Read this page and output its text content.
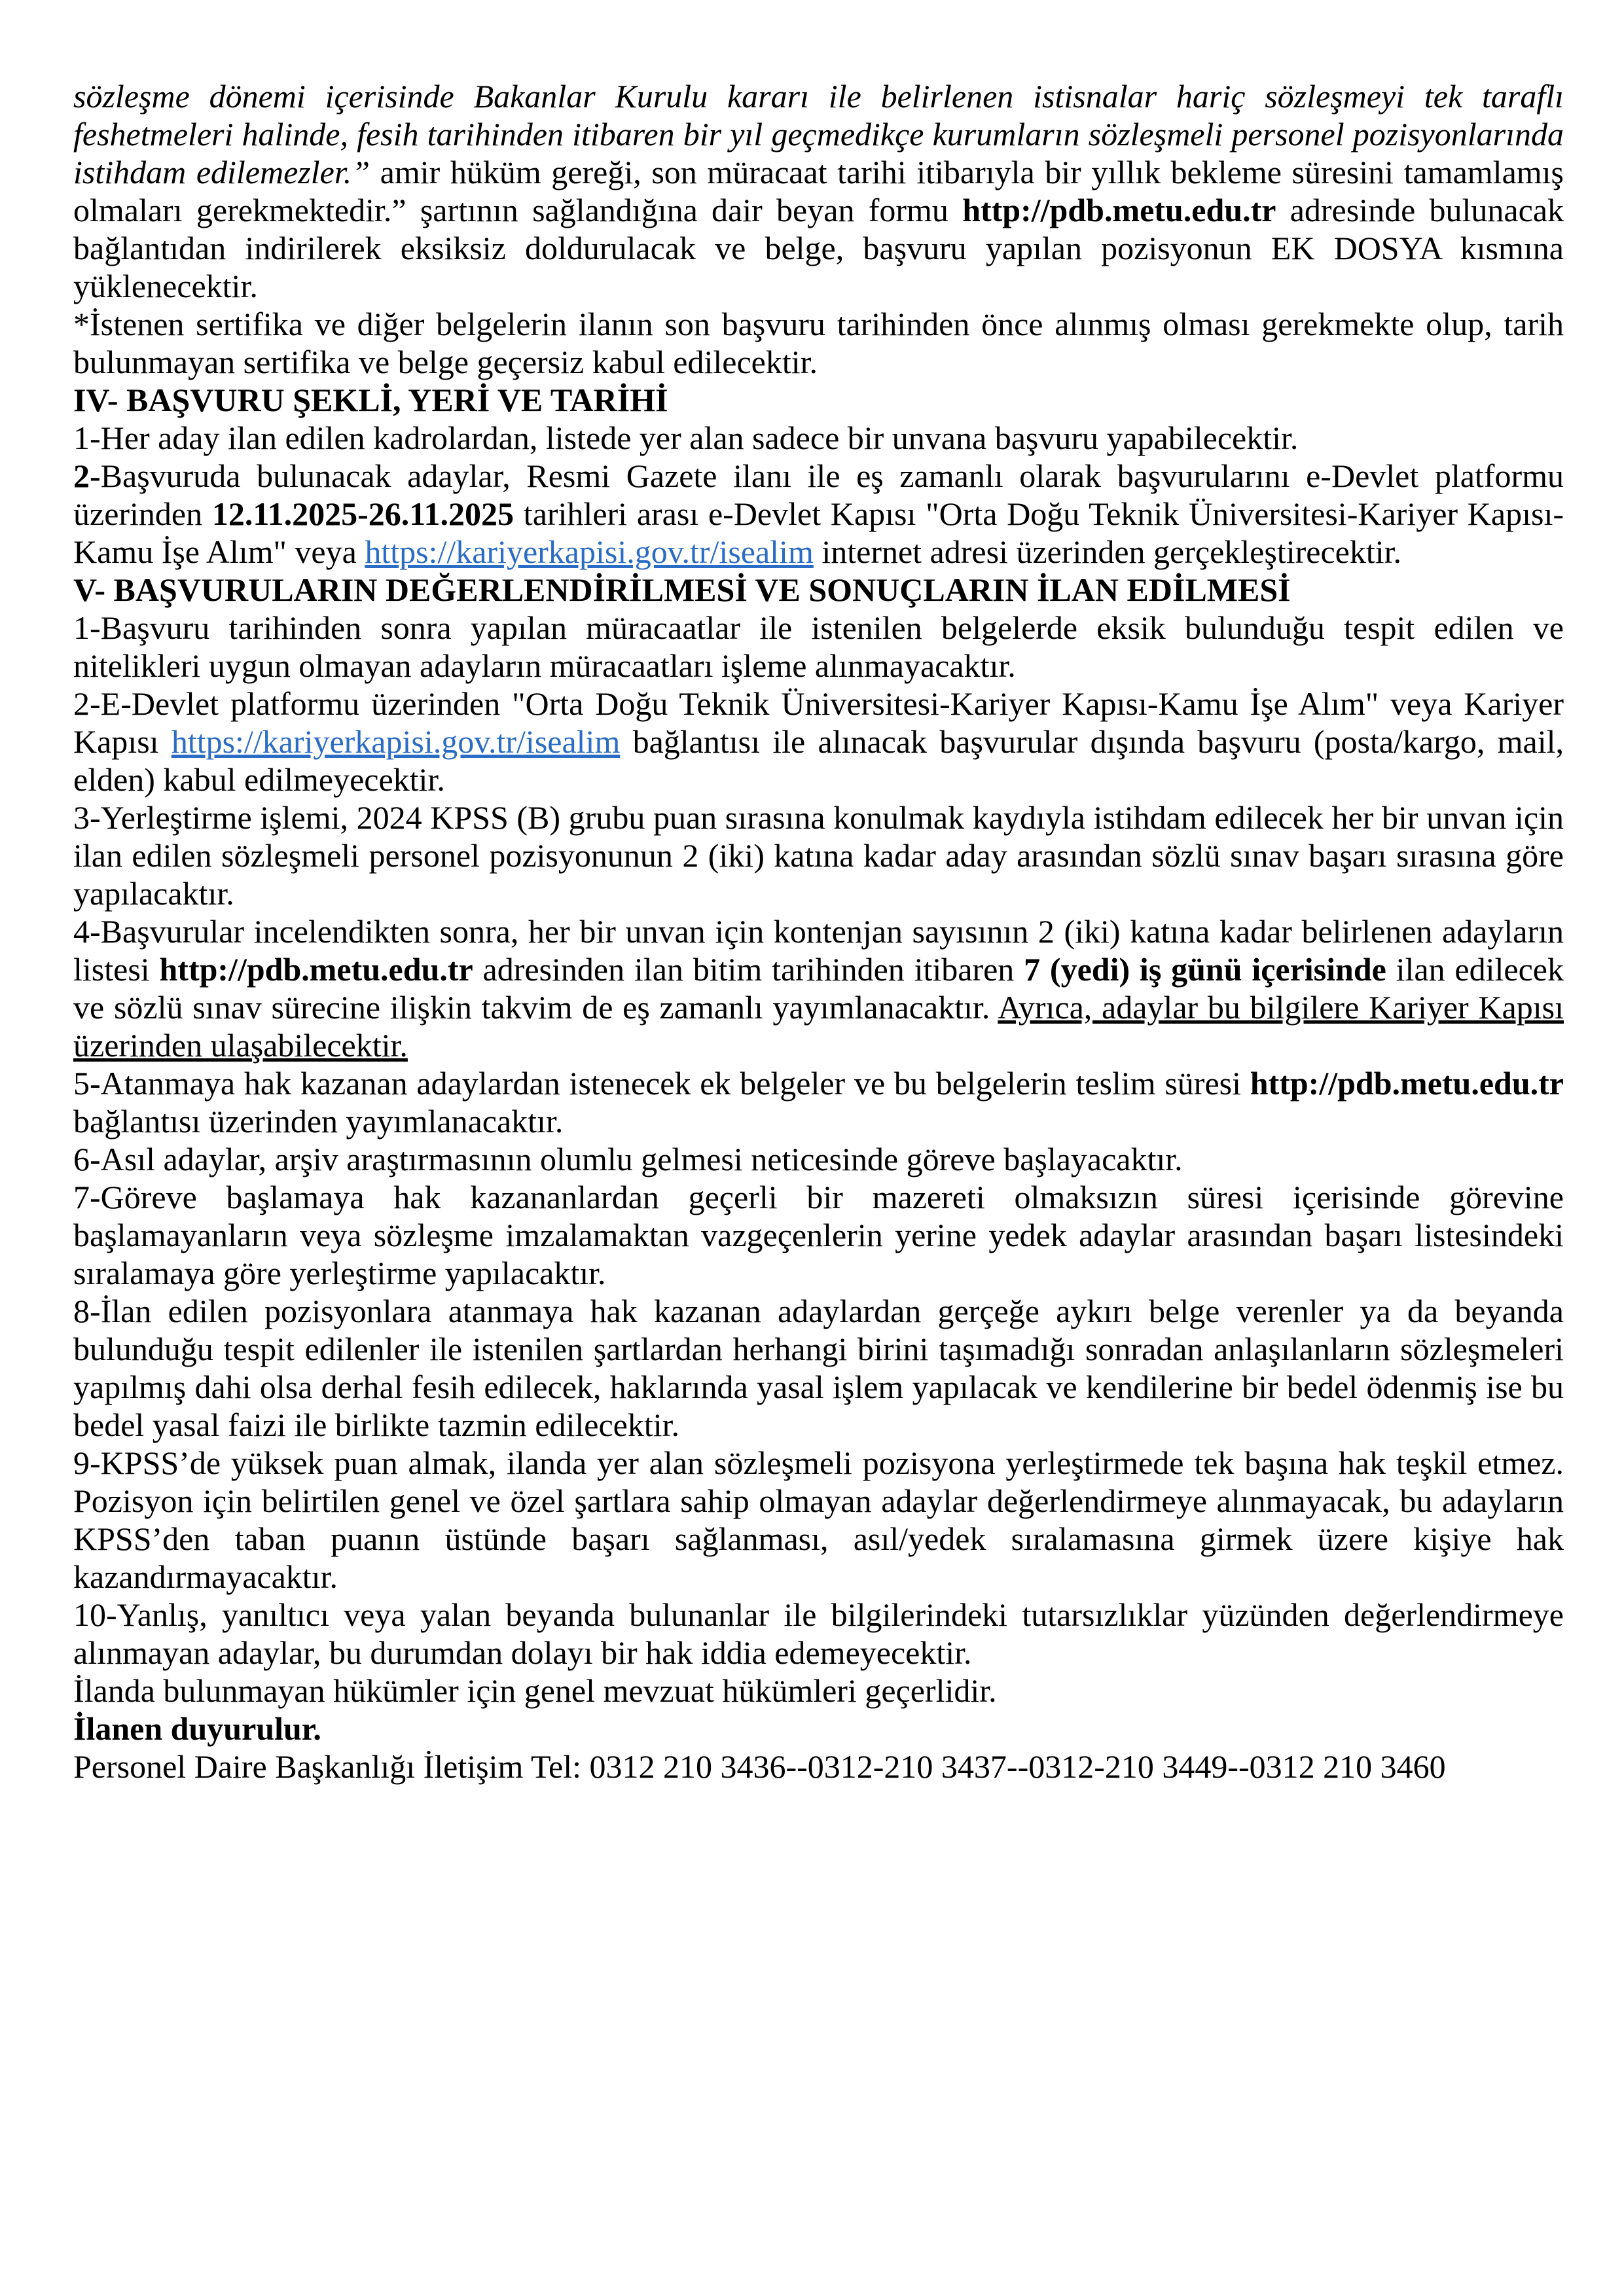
sözleşme dönemi içerisinde Bakanlar Kurulu kararı ile belirlenen istisnalar hariç sözleşmeyi tek taraflı feshetmeleri halinde, fesih tarihinden itibaren bir yıl geçmedikçe kurumların sözleşmeli personel pozisyonlarında istihdam edilemezler.” amir hüküm gereği, son müracaat tarihi itibarıyla bir yıllık bekleme süresini tamamlamış olmaları gerekmektedir.” şartının sağlandığına dair beyan formu http://pdb.metu.edu.tr adresinde bulunacak bağlantıdan indirilerek eksiksiz doldurulacak ve belge, başvuru yapılan pozisyonun EK DOSYA kısmına yüklenecektir.

*İstenen sertifika ve diğer belgelerin ilanın son başvuru tarihinden önce alınmış olması gerekmekte olup, tarih bulunmayan sertifika ve belge geçersiz kabul edilecektir.

IV- BAŞVURU ŞEKLİ, YERİ VE TARİHİ

1-Her aday ilan edilen kadrolardan, listede yer alan sadece bir unvana başvuru yapabilecektir.

2-Başvuruda bulunacak adaylar, Resmi Gazete ilanı ile eş zamanlı olarak başvurularını e-Devlet platformu üzerinden 12.11.2025-26.11.2025 tarihleri arası e-Devlet Kapısı "Orta Doğu Teknik Üniversitesi-Kariyer Kapısı-Kamu İşe Alım" veya https://kariyerkapisi.gov.tr/isealim internet adresi üzerinden gerçekleştirecektir.

V- BAŞVURULARIN DEĞERLENDİRİLMESİ VE SONUÇLARIN İLAN EDİLMESİ

1-Başvuru tarihinden sonra yapılan müracaatlar ile istenilen belgelerde eksik bulunduğu tespit edilen ve nitelikleri uygun olmayan adayların müracaatları işleme alınmayacaktır.

2-E-Devlet platformu üzerinden "Orta Doğu Teknik Üniversitesi-Kariyer Kapısı-Kamu İşe Alım" veya Kariyer Kapısı https://kariyerkapisi.gov.tr/isealim bağlantısı ile alınacak başvurular dışında başvuru (posta/kargo, mail, elden) kabul edilmeyecektir.

3-Yerleştirme işlemi, 2024 KPSS (B) grubu puan sırasına konulmak kaydıyla istihdam edilecek her bir unvan için ilan edilen sözleşmeli personel pozisyonunun 2 (iki) katına kadar aday arasından sözlü sınav başarı sırasına göre yapılacaktır.

4-Başvurular incelendikten sonra, her bir unvan için kontenjan sayısının 2 (iki) katına kadar belirlenen adayların listesi http://pdb.metu.edu.tr adresinden ilan bitim tarihinden itibaren 7 (yedi) iş günü içerisinde ilan edilecek ve sözlü sınav sürecine ilişkin takvim de eş zamanlı yayımlanacaktır. Ayrıca, adaylar bu bilgilere Kariyer Kapısı üzerinden ulaşabilecektir.

5-Atanmaya hak kazanan adaylardan istenecek ek belgeler ve bu belgelerin teslim süresi http://pdb.metu.edu.tr bağlantısı üzerinden yayımlanacaktır.

6-Asıl adaylar, arşiv araştırmasının olumlu gelmesi neticesinde göreve başlayacaktır.

7-Göreve başlamaya hak kazananlardan geçerli bir mazereti olmaksızın süresi içerisinde görevine başlamayanların veya sözleşme imzalamaktan vazgeçenlerin yerine yedek adaylar arasından başarı listesindeki sıralamaya göre yerleştirme yapılacaktır.

8-İlan edilen pozisyonlara atanmaya hak kazanan adaylardan gerçeğe aykırı belge verenler ya da beyanda bulunduğu tespit edilenler ile istenilen şartlardan herhangi birini taşımadığı sonradan anlaşılanların sözleşmeleri yapılmış dahi olsa derhal fesih edilecek, haklarında yasal işlem yapılacak ve kendilerine bir bedel ödenmiş ise bu bedel yasal faizi ile birlikte tazmin edilecektir.

9-KPSS’de yüksek puan almak, ilanda yer alan sözleşmeli pozisyona yerleştirmede tek başına hak teşkil etmez. Pozisyon için belirtilen genel ve özel şartlara sahip olmayan adaylar değerlendirmeye alınmayacak, bu adayların KPSS’den taban puanın üstünde başarı sağlanması, asıl/yedek sıralamasına girmek üzere kişiye hak kazandırmayacaktır.

10-Yanlış, yanıltıcı veya yalan beyanda bulunanlar ile bilgilerindeki tutarsızlıklar yüzünden değerlendirmeye alınmayan adaylar, bu durumdan dolayı bir hak iddia edemeyecektir.

İlanda bulunmayan hükümler için genel mevzuat hükümleri geçerlidir.

İlanen duyurulur.

Personel Daire Başkanlığı İletişim Tel: 0312 210 3436--0312-210 3437--0312-210 3449--0312 210 3460
